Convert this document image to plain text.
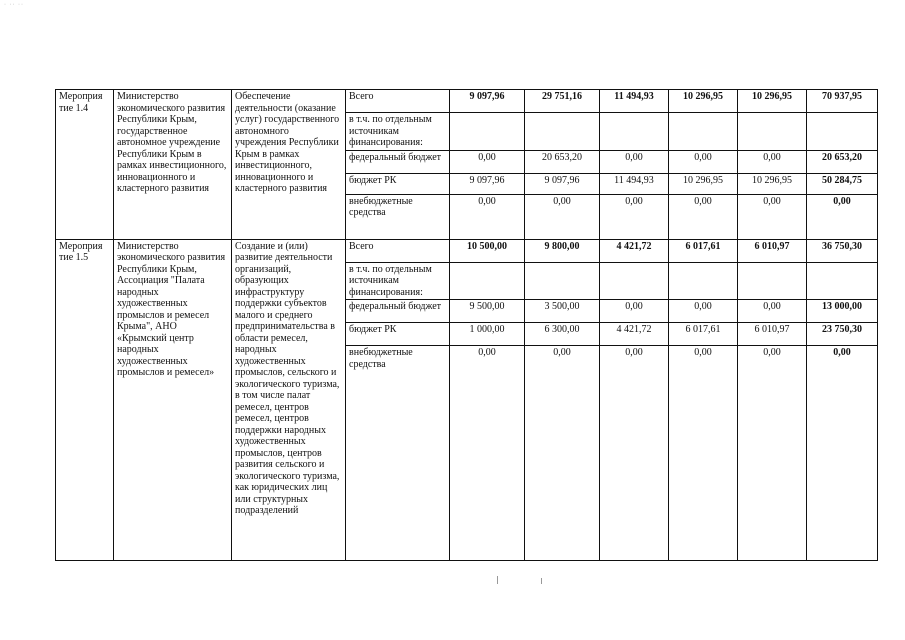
· ·· ··
Мероприя тие 1.4	Министерство экономического развития Республики Крым, государственное автономное учреждение Республики Крым в рамках инвестиционного, инновационного и кластерного развития	Обеспечение деятельности (оказание услуг) государственного автономного учреждения Республики Крым в рамках инвестиционного, инновационного и кластерного развития	Всего	9 097,96	29 751,16	11 494,93	10 296,95	10 296,95	70 937,95
			в т.ч. по отдельным источникам финансирования:						
			федеральный бюджет	0,00	20 653,20	0,00	0,00	0,00	20 653,20
			бюджет РК	9 097,96	9 097,96	11 494,93	10 296,95	10 296,95	50 284,75
			внебюджетные средства	0,00	0,00	0,00	0,00	0,00	0,00
Мероприя тие 1.5	Министерство экономического развития Республики Крым, Ассоциация "Палата народных художественных промыслов и ремесел Крыма", АНО «Крымский центр народных художественных промыслов и ремесел»	Создание и (или) развитие деятельности организаций, образующих инфраструктуру поддержки субъектов малого и среднего предпринимательства в области ремесел, народных художественных промыслов, сельского и экологического туризма, в том числе палат ремесел, центров ремесел, центров поддержки народных художественных промыслов, центров развития сельского и экологического туризма, как юридических лиц или структурных подразделений	Всего	10 500,00	9 800,00	4 421,72	6 017,61	6 010,97	36 750,30
			в т.ч. по отдельным источникам финансирования:						
			федеральный бюджет	9 500,00	3 500,00	0,00	0,00	0,00	13 000,00
			бюджет РК	1 000,00	6 300,00	4 421,72	6 017,61	6 010,97	23 750,30
			внебюджетные средства	0,00	0,00	0,00	0,00	0,00	0,00
